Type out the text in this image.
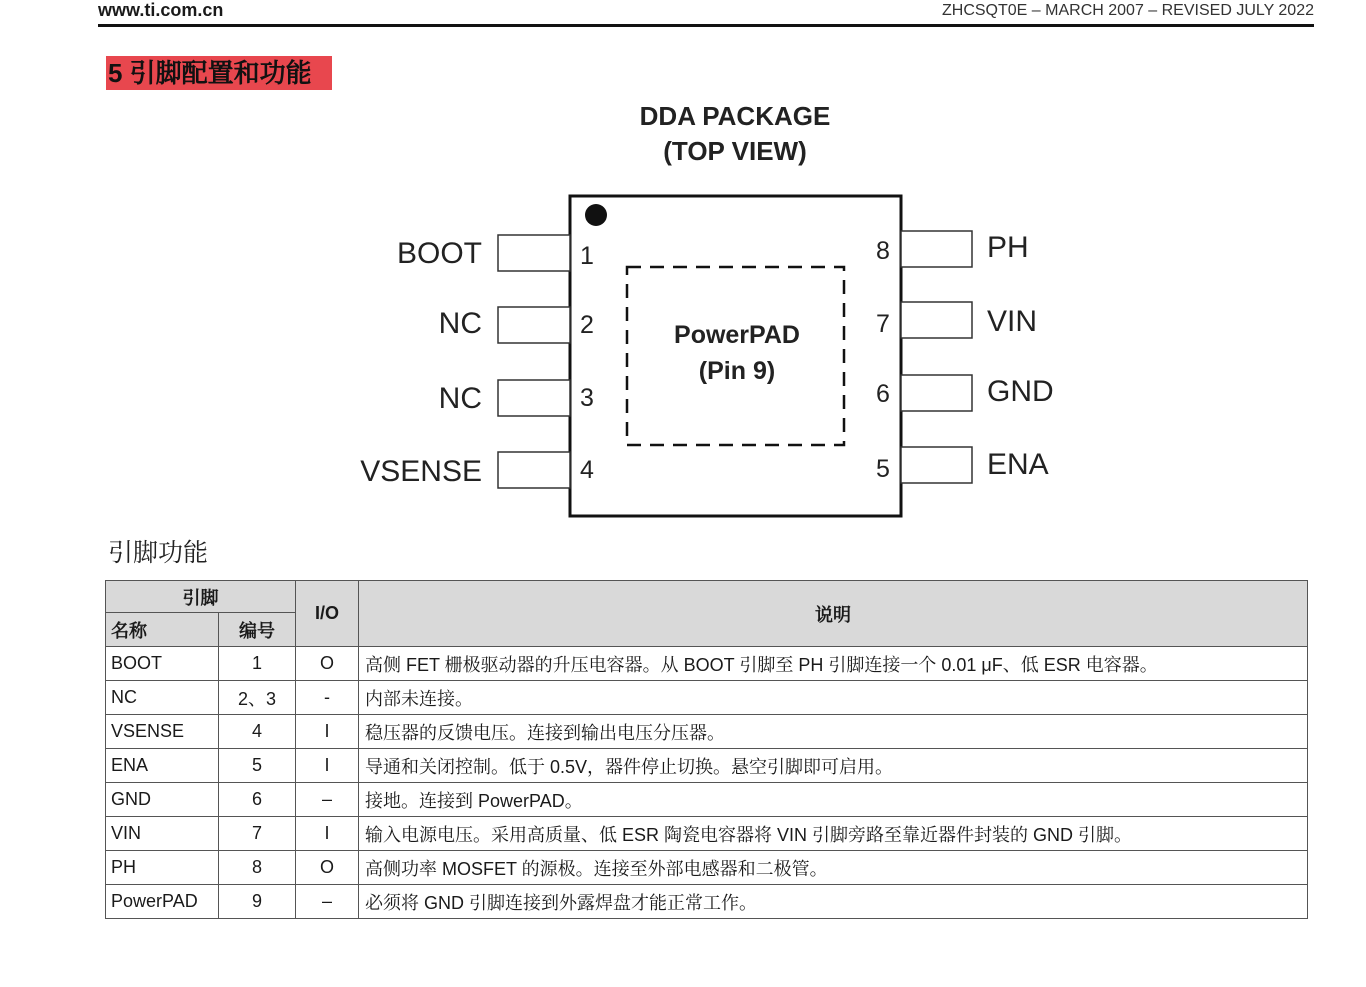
www.ti.com.cn	ZHCSQT0E – MARCH 2007 – REVISED JULY 2022
5 引脚配置和功能
DDA PACKAGE
(TOP VIEW)
PowerPAD
(Pin 9)
BOOT
NC
NC
VSENSE
1
2
3
4
PH
VIN
GND
ENA
8
7
6
5
引脚功能
引脚		I/O	说明
名称	编号		
BOOT	1	O	高侧 FET 栅极驱动器的升压电容器。从 BOOT 引脚至 PH 引脚连接一个 0.01 μF、低 ESR 电容器。
NC	2、3	-	内部未连接。
VSENSE	4	I	稳压器的反馈电压。连接到输出电压分压器。
ENA	5	I	导通和关闭控制。低于 0.5V，器件停止切换。悬空引脚即可启用。
GND	6	–	接地。连接到 PowerPAD。
VIN	7	I	输入电源电压。采用高质量、低 ESR 陶瓷电容器将 VIN 引脚旁路至靠近器件封装的 GND 引脚。
PH	8	O	高侧功率 MOSFET 的源极。连接至外部电感器和二极管。
PowerPAD	9	–	必须将 GND 引脚连接到外露焊盘才能正常工作。
